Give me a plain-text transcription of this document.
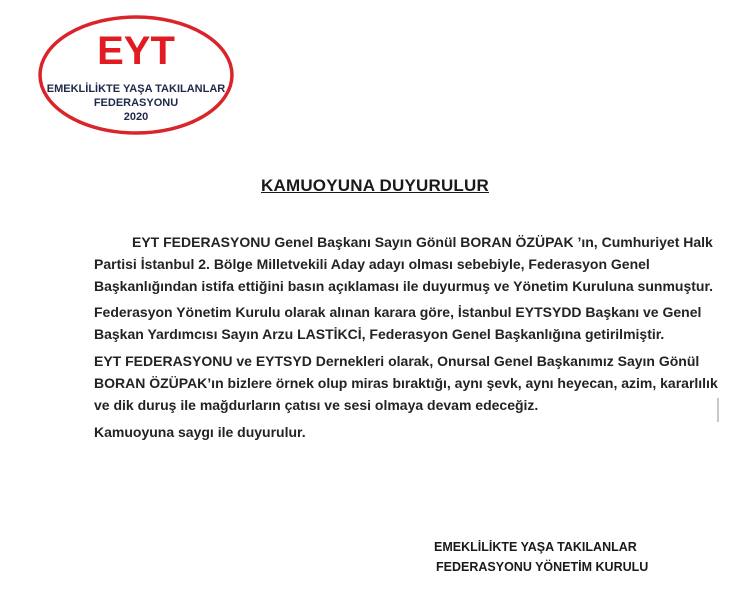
EYT
EMEKLİLİKTE YAŞA TAKILANLAR
FEDERASYONU
2020
KAMUOYUNA DUYURULUR

EYT FEDERASYONU Genel Başkanı Sayın Gönül BORAN ÖZÜPAK ’ın, Cumhuriyet Halk Partisi İstanbul 2. Bölge Milletvekili Aday adayı olması sebebiyle, Federasyon Genel Başkanlığından istifa ettiğini basın açıklaması ile duyurmuş ve Yönetim Kuruluna sunmuştur.

Federasyon Yönetim Kurulu olarak alınan karara göre, İstanbul EYTSYDD Başkanı ve Genel Başkan Yardımcısı Sayın Arzu LASTİKCİ, Federasyon Genel Başkanlığına getirilmiştir.

EYT FEDERASYONU ve EYTSYD Dernekleri olarak, Onursal Genel Başkanımız Sayın Gönül BORAN ÖZÜPAK’ın bizlere örnek olup miras bıraktığı, aynı şevk, aynı heyecan, azim, kararlılık ve dik duruş ile mağdurların çatısı ve sesi olmaya devam edeceğiz.

Kamuoyuna saygı ile duyurulur.

EMEKLİLİKTE YAŞA TAKILANLAR
FEDERASYONU YÖNETİM KURULU
